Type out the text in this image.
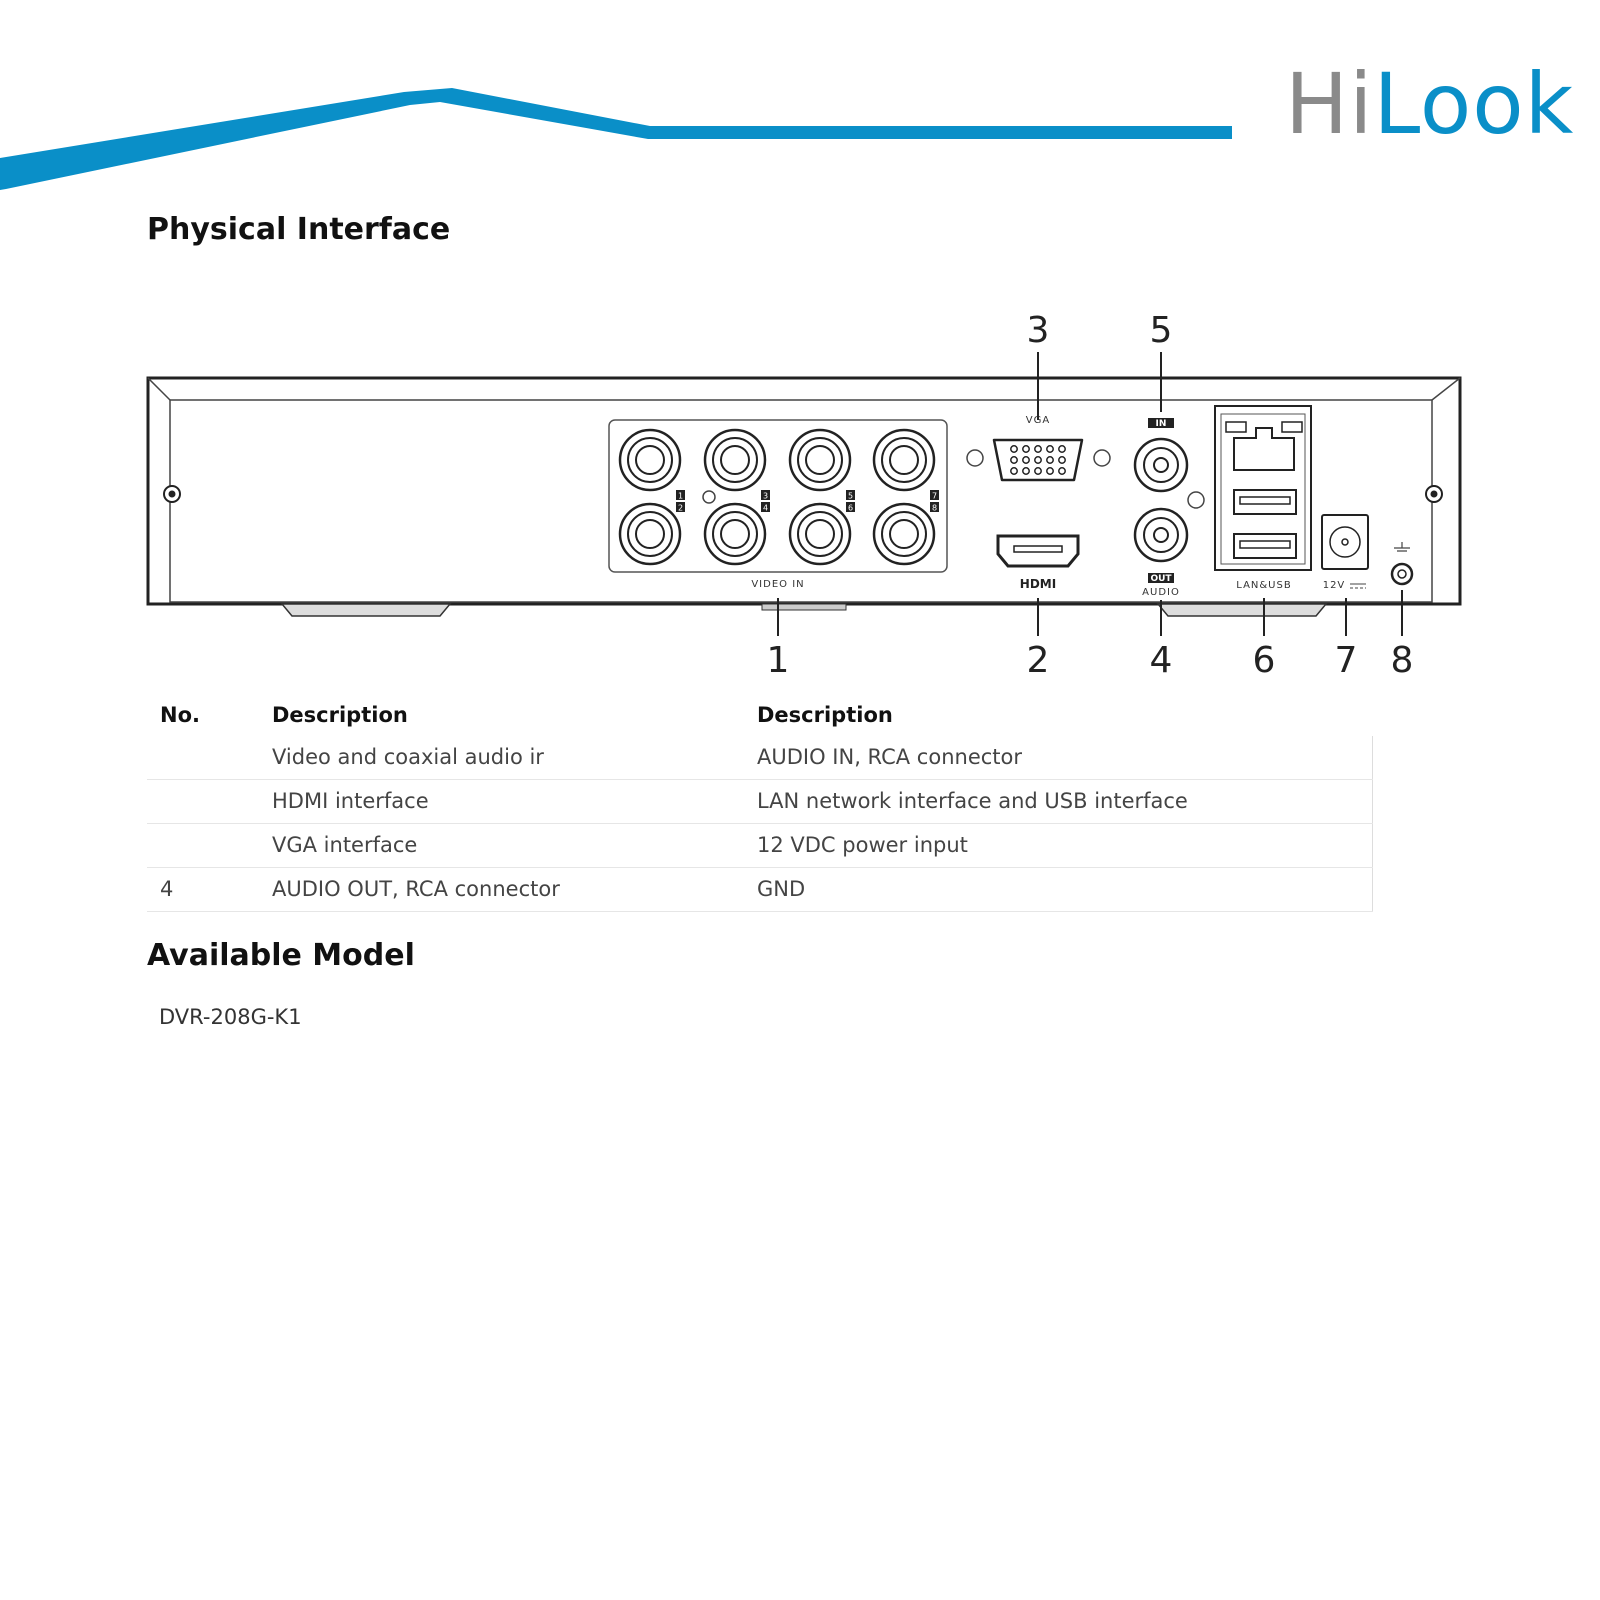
HiLook
Physical Interface
1
2
3
4
5
6
7
8
VIDEO IN
VGA
HDMI
IN
OUT
AUDIO
LAN&USB	12V
1	2
3
4
5
6 7 8
No.	Description		Description
	Video and coaxial audio ir		AUDIO IN, RCA connector
	HDMI interface		LAN network interface and USB interface
	VGA interface		12 VDC power input
4	AUDIO OUT, RCA connector		GND
Available Model

DVR-208G-K1
